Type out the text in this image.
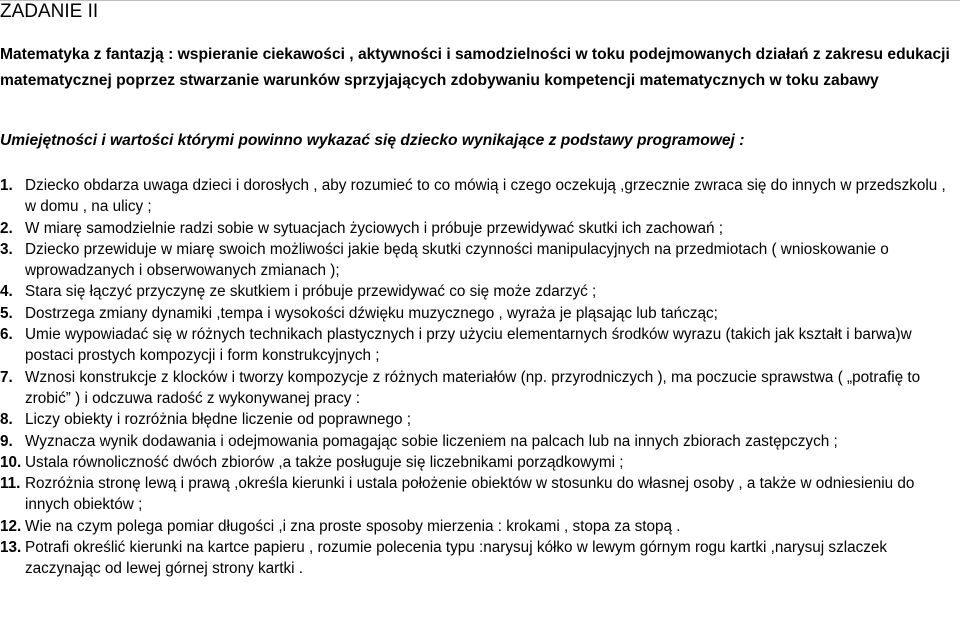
ZADANIE II
Matematyka z fantazją : wspieranie ciekawości , aktywności i samodzielności w toku podejmowanych działań z zakresu edukacji matematycznej poprzez stwarzanie warunków sprzyjających zdobywaniu kompetencji matematycznych w toku zabawy
Umiejętności i wartości którymi powinno wykazać się dziecko wynikające z podstawy programowej :
1. Dziecko obdarza uwaga dzieci i dorosłych , aby rozumieć to co mówią i czego oczekują ,grzecznie zwraca się do innych w przedszkolu , w domu , na ulicy ;
2. W miarę samodzielnie radzi sobie w sytuacjach życiowych i próbuje przewidywać skutki ich zachowań ;
3. Dziecko przewiduje w miarę swoich możliwości jakie będą skutki czynności manipulacyjnych na przedmiotach ( wnioskowanie o wprowadzanych i obserwowanych zmianach );
4. Stara się łączyć przyczynę ze skutkiem i próbuje przewidywać co się może zdarzyć ;
5. Dostrzega zmiany dynamiki ,tempa i wysokości dźwięku muzycznego , wyraża je pląsając lub tańcząc;
6. Umie wypowiadać się w różnych technikach plastycznych i przy użyciu elementarnych środków wyrazu (takich jak kształt i barwa)w postaci prostych kompozycji i form konstrukcyjnych ;
7. Wznosi konstrukcje z klocków i tworzy kompozycje z różnych materiałów (np. przyrodniczych ), ma poczucie sprawstwa ( „potrafię to zrobić” ) i odczuwa radość z wykonywanej pracy :
8. Liczy obiekty i rozróżnia błędne liczenie od poprawnego ;
9. Wyznacza wynik dodawania i odejmowania pomagając sobie liczeniem na palcach lub na innych zbiorach zastępczych ;
10. Ustala równoliczność dwóch zbiorów ,a także posługuje się liczebnikami porządkowymi ;
11. Rozróżnia stronę lewą i prawą ,określa kierunki i ustala położenie obiektów w stosunku do własnej osoby , a także w odniesieniu do innych obiektów ;
12. Wie na czym polega pomiar długości ,i zna proste sposoby mierzenia : krokami , stopa za stopą .
13. Potrafi określić kierunki na kartce papieru , rozumie polecenia typu :narysuj kółko w lewym górnym rogu kartki ,narysuj szlaczek zaczynając od lewej górnej strony kartki .
